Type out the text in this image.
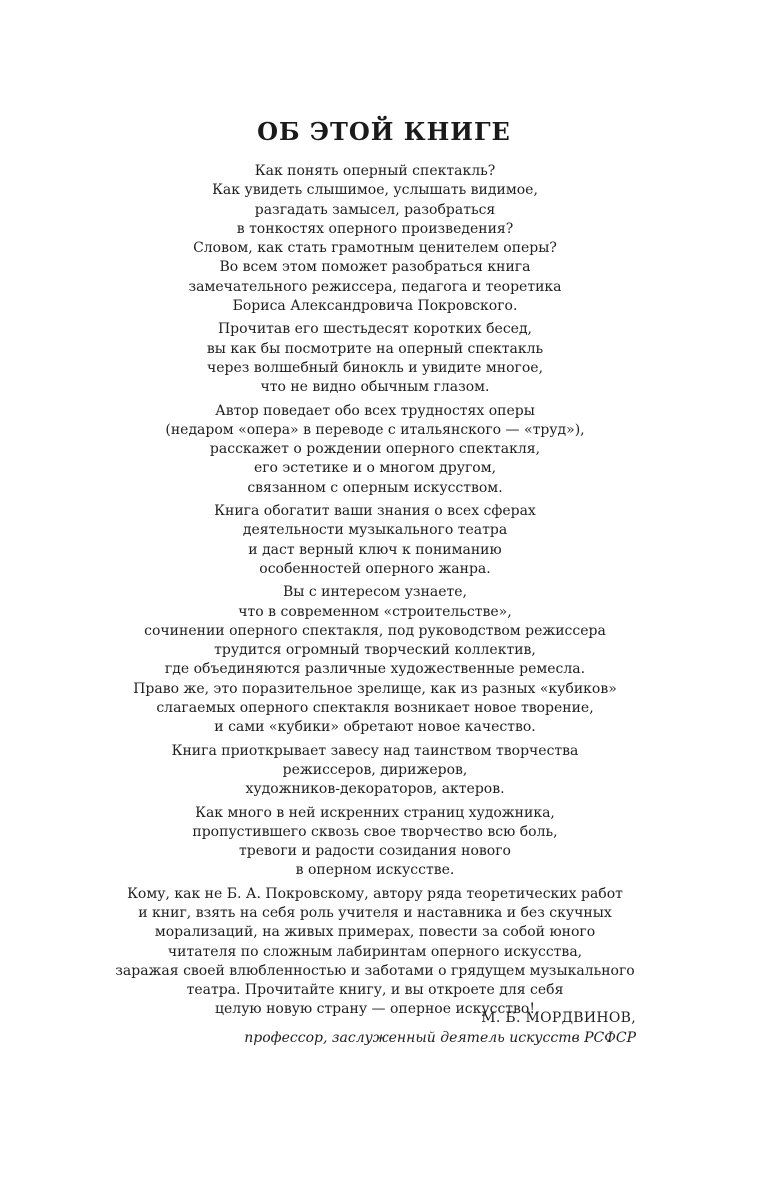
ОБ ЭТОЙ КНИГЕ
Как понять оперный спектакль?
Как увидеть слышимое, услышать видимое,
разгадать замысел, разобраться
в тонкостях оперного произведения?
Словом, как стать грамотным ценителем оперы?
Во всем этом поможет разобраться книга
замечательного режиссера, педагога и теоретика
Бориса Александровича Покровского.
Прочитав его шестьдесят коротких бесед,
вы как бы посмотрите на оперный спектакль
через волшебный бинокль и увидите многое,
что не видно обычным глазом.
Автор поведает обо всех трудностях оперы
(недаром «опера» в переводе с итальянского — «труд»),
расскажет о рождении оперного спектакля,
его эстетике и о многом другом,
связанном с оперным искусством.
Книга обогатит ваши знания о всех сферах
деятельности музыкального театра
и даст верный ключ к пониманию
особенностей оперного жанра.
Вы с интересом узнаете,
что в современном «строительстве»,
сочинении оперного спектакля, под руководством режиссера
трудится огромный творческий коллектив,
где объединяются различные художественные ремесла.
Право же, это поразительное зрелище, как из разных «кубиков»
слагаемых оперного спектакля возникает новое творение,
и сами «кубики» обретают новое качество.
Книга приоткрывает завесу над таинством творчества
режиссеров, дирижеров,
художников-декораторов, актеров.
Как много в ней искренних страниц художника,
пропустившего сквозь свое творчество всю боль,
тревоги и радости созидания нового
в оперном искусстве.
Кому, как не Б. А. Покровскому, автору ряда теоретических работ
и книг, взять на себя роль учителя и наставника и без скучных
морализаций, на живых примерах, повести за собой юного
читателя по сложным лабиринтам оперного искусства,
заражая своей влюбленностью и заботами о грядущем музыкального
театра. Прочитайте книгу, и вы откроете для себя
целую новую страну — оперное искусство!
М. Б. МОРДВИНОВ,
профессор, заслуженный деятель искусств РСФСР
